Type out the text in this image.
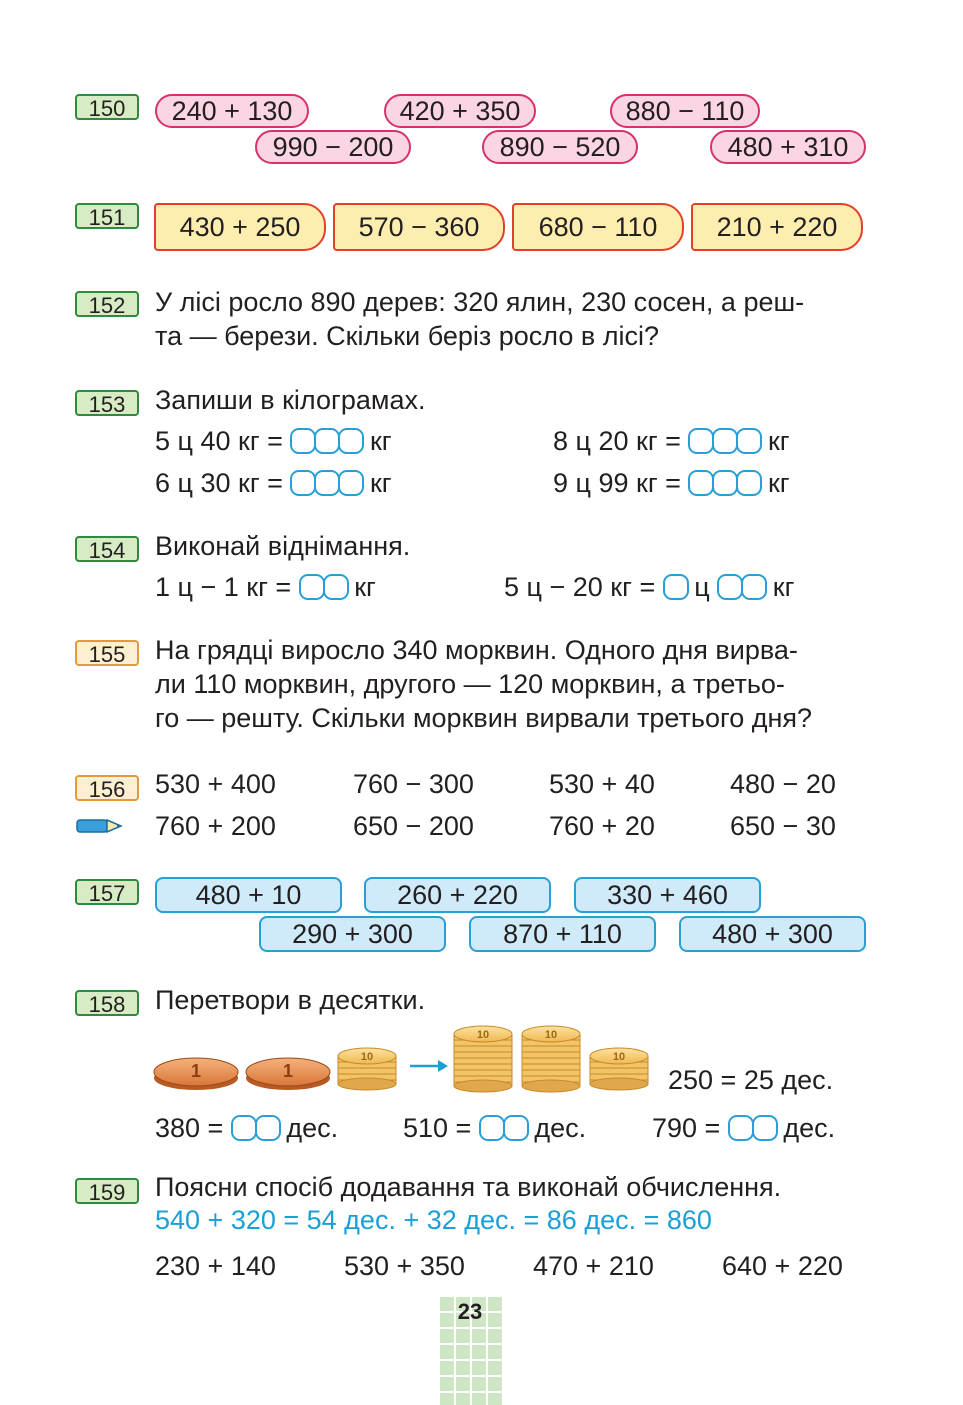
150	240 + 130	420 + 350	880 − 110
990 − 200	890 − 520	480 + 310
151	430 + 250	570 − 360	680 − 110	210 + 220
152	У лісі росло 890 дерев: 320 ялин, 230 сосен, а реш-
та — берези. Скільки беріз росло в лісі?
153	Запиши в кілограмах.
5 ц 40 кг =	кг	8 ц 20 кг =	кг
6 ц 30 кг =	кг	9 ц 99 кг =	кг
154	Виконай віднімання.
1 ц − 1 кг = кг	5 ц − 20 кг = ц кг
155	На грядці виросло 340 морквин. Одного дня вирва-
ли 110 морквин, другого — 120 морквин, а третьо-
го — решту. Скільки морквин вирвали третього дня?
156	530 + 400	760 − 300	530 + 40	480 − 20
760 + 200	650 − 200	760 + 20	650 − 30
157	480 + 10	260 + 220	330 + 460
290 + 300	870 + 110	480 + 300
158	Перетвори в десятки.
1	1
10
10	10
10
250 = 25 дес.
380 = дес. 510 = дес. 790 = дес.
159	Поясни спосіб додавання та виконай обчислення.
540 + 320 = 54 дес. + 32 дес. = 86 дес. = 860
230 + 140	530 + 350	470 + 210	640 + 220
23
